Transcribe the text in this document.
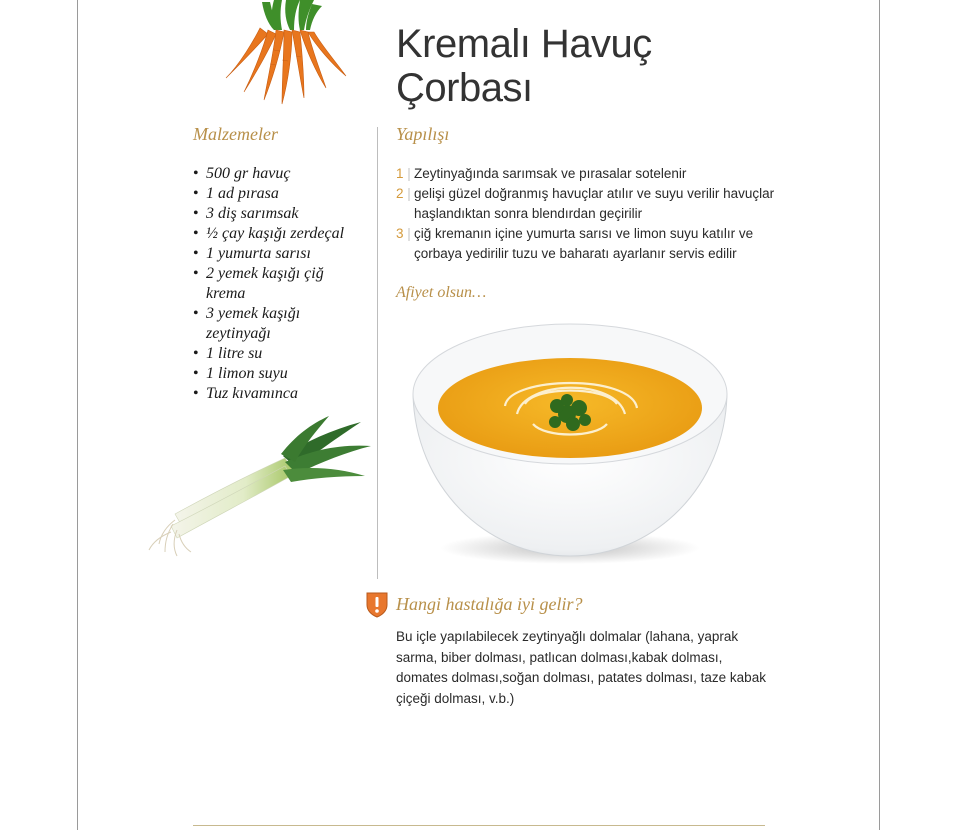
Kremalı Havuç
Çorbası
Malzemeler	Yapılışı
• 500 gr havuç
• 1 ad pırasa
• 3 diş sarımsak
• ½ çay kaşığı zerdeçal
• 1 yumurta sarısı
• 2 yemek kaşığı çiğ krema
• 3 yemek kaşığı zeytinyağı
• 1 litre su
• 1 limon suyu
• Tuz kıvamınca
1 | Zeytinyağında sarımsak ve pırasalar sotelenir
2 | gelişi güzel doğranmış havuçlar atılır ve suyu verilir havuçlar haşlandıktan sonra blendırdan geçirilir
3 | çiğ kremanın içine yumurta sarısı ve limon suyu katılır ve çorbaya yedirilir tuzu ve baharatı ayarlanır servis edilir

Afiyet olsun…

Hangi hastalığa iyi gelir?

Bu içle yapılabilecek zeytinyağlı dolmalar (lahana, yaprak sarma, biber dolması, patlıcan dolması,kabak dolması, domates dolması,soğan dolması, patates dolması, taze kabak çiçeği dolması, v.b.)
